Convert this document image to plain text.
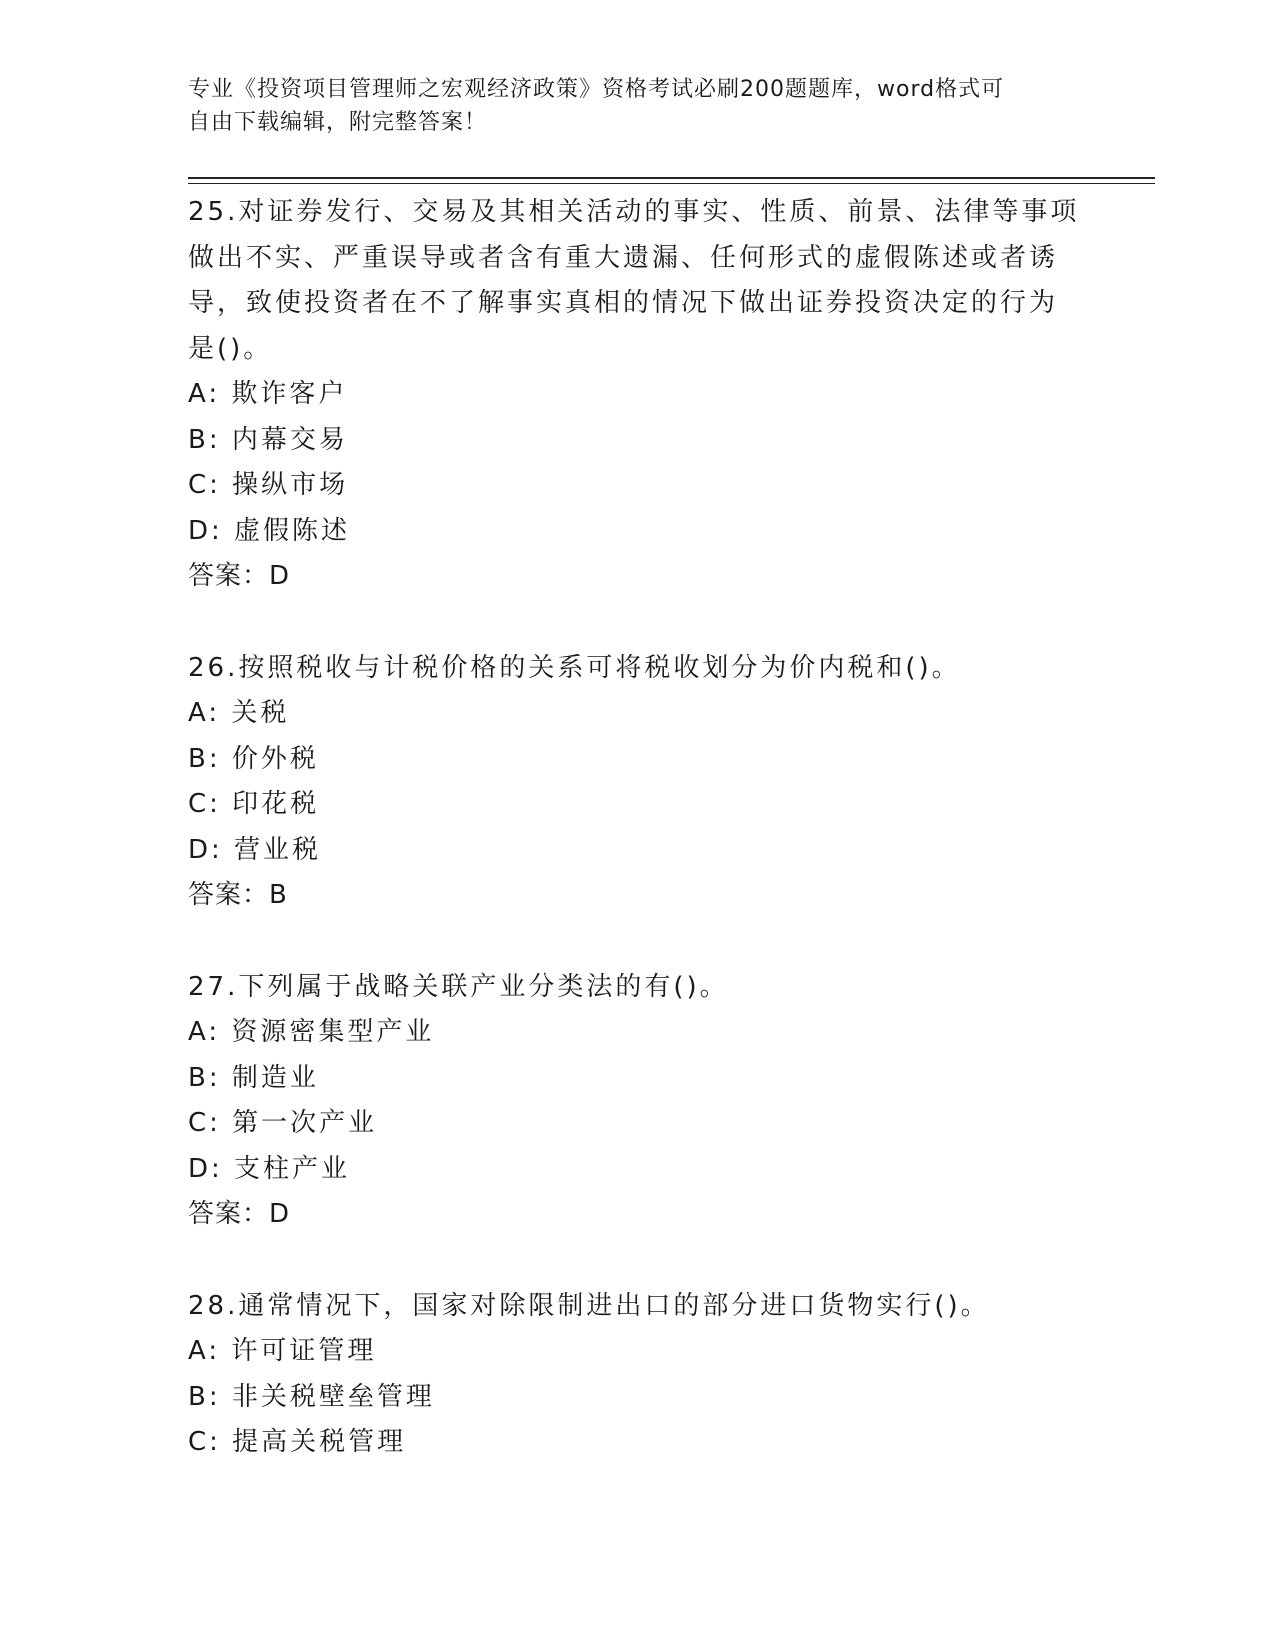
专业《投资项目管理师之宏观经济政策》资格考试必刷200题题库，word格式可

自由下载编辑，附完整答案！

25.对证券发行、交易及其相关活动的事实、性质、前景、法律等事项
做出不实、严重误导或者含有重大遗漏、任何形式的虚假陈述或者诱
导，致使投资者在不了解事实真相的情况下做出证券投资决定的行为
是()。
A: 欺诈客户
B: 内幕交易
C: 操纵市场
D: 虚假陈述
答案：D
26.按照税收与计税价格的关系可将税收划分为价内税和()。
A: 关税
B: 价外税
C: 印花税
D: 营业税
答案：B
27.下列属于战略关联产业分类法的有()。
A: 资源密集型产业
B: 制造业
C: 第一次产业
D: 支柱产业
答案：D
28.通常情况下，国家对除限制进出口的部分进口货物实行()。
A: 许可证管理
B: 非关税壁垒管理
C: 提高关税管理
